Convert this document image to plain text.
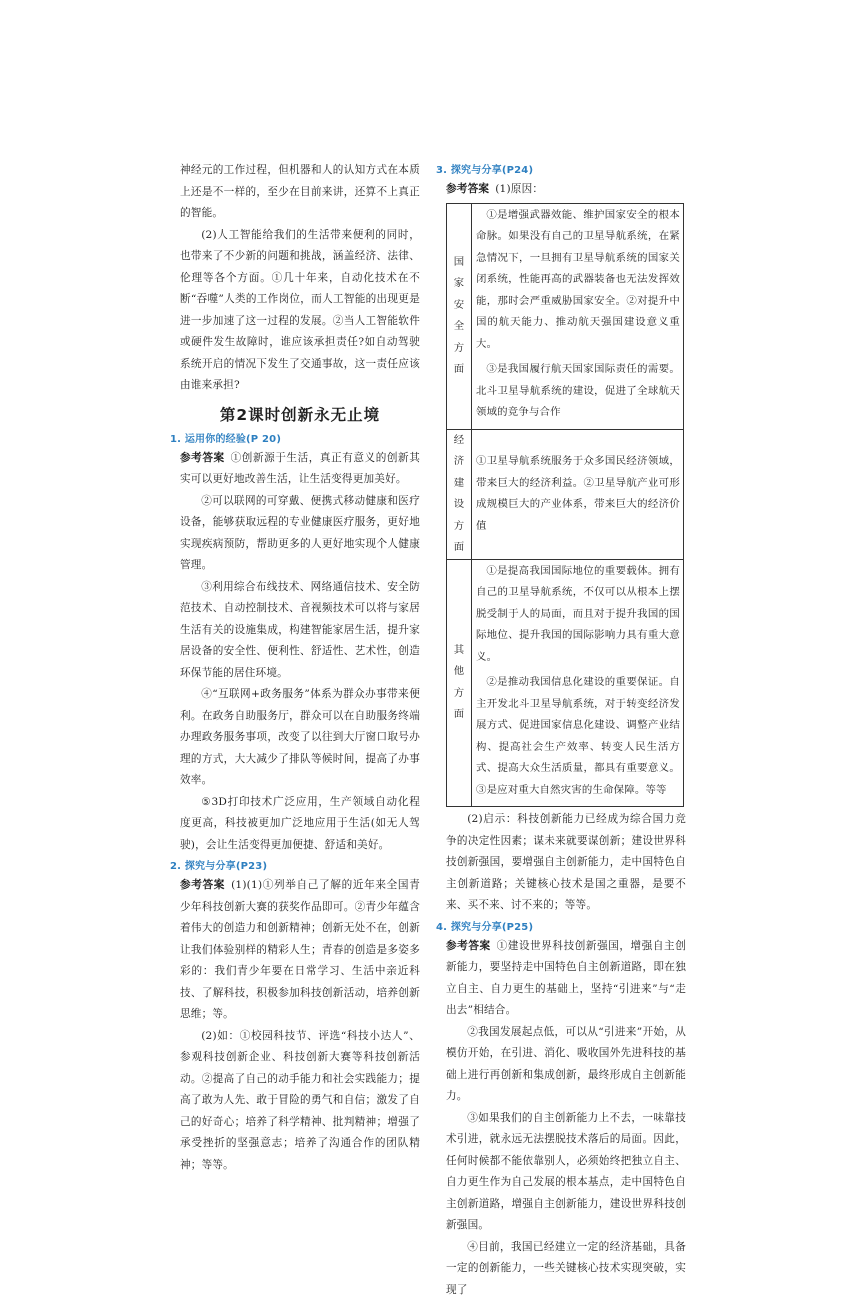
神经元的工作过程，但机器和人的认知方式在本质上还是不一样的，至少在目前来讲，还算不上真正的智能。

(2)人工智能给我们的生活带来便利的同时，也带来了不少新的问题和挑战，涵盖经济、法律、伦理等各个方面。①几十年来，自动化技术在不断“吞噬”人类的工作岗位，而人工智能的出现更是进一步加速了这一过程的发展。②当人工智能软件或硬件发生故障时，谁应该承担责任?如自动驾驶系统开启的情况下发生了交通事故，这一责任应该由谁来承担?

第2课时创新永无止境
1. 运用你的经验(P 20)

参考答案 ①创新源于生活，真正有意义的创新其实可以更好地改善生活，让生活变得更加美好。

②可以联网的可穿戴、便携式移动健康和医疗设备，能够获取远程的专业健康医疗服务，更好地实现疾病预防，帮助更多的人更好地实现个人健康管理。

③利用综合布线技术、网络通信技术、安全防范技术、自动控制技术、音视频技术可以将与家居生活有关的设施集成，构建智能家居生活，提升家居设备的安全性、便利性、舒适性、艺术性，创造环保节能的居住环境。

④“互联网+政务服务”体系为群众办事带来便利。在政务自助服务厅，群众可以在自助服务终端办理政务服务事项，改变了以往到大厅窗口取号办理的方式，大大减少了排队等候时间，提高了办事效率。

⑤3D打印技术广泛应用，生产领域自动化程度更高，科技被更加广泛地应用于生活(如无人驾驶)，会让生活变得更加便捷、舒适和美好。

2. 探究与分享(P23)

参考答案 (1)(1)①列举自己了解的近年来全国青少年科技创新大赛的获奖作品即可。②青少年蕴含着伟大的创造力和创新精神；创新无处不在，创新让我们体验别样的精彩人生；青春的创造是多姿多彩的：我们青少年要在日常学习、生活中亲近科技、了解科技，积极参加科技创新活动，培养创新思维；等。

(2)如：①校园科技节、评选“科技小达人”、参观科技创新企业、科技创新大赛等科技创新活动。②提高了自己的动手能力和社会实践能力；提高了敢为人先、敢于冒险的勇气和自信；激发了自己的好奇心；培养了科学精神、批判精神；增强了承受挫折的坚强意志；培养了沟通合作的团队精神；等等。

3. 探究与分享(P24)

参考答案 (1)原因：

国家安全方面	①是增强武器效能、维护国家安全的根本命脉。如果没有自己的卫星导航系统，在紧急情况下，一旦拥有卫星导航系统的国家关闭系统，性能再高的武器装备也无法发挥效能，那时会严重威胁国家安全。②对提升中国的航天能力、推动航天强国建设意义重大。

③是我国履行航天国家国际责任的需要。北斗卫星导航系统的建设，促进了全球航天领域的竞争与合作

经济建设方面	①卫星导航系统服务于众多国民经济领域，带来巨大的经济利益。②卫星导航产业可形成规模巨大的产业体系，带来巨大的经济价值

其他方面	①是提高我国国际地位的重要载体。拥有自己的卫星导航系统，不仅可以从根本上摆脱受制于人的局面，而且对于提升我国的国际地位、提升我国的国际影响力具有重大意义。

②是推动我国信息化建设的重要保证。自主开发北斗卫星导航系统，对于转变经济发展方式、促进国家信息化建设、调整产业结构、提高社会生产效率、转变人民生活方式、提高大众生活质量，都具有重要意义。③是应对重大自然灾害的生命保障。等等

(2)启示：科技创新能力已经成为综合国力竞争的决定性因素；谋未来就要谋创新；建设世界科技创新强国，要增强自主创新能力，走中国特色自主创新道路；关键核心技术是国之重器，是要不来、买不来、讨不来的；等等。

4. 探究与分享(P25)

参考答案 ①建设世界科技创新强国，增强自主创新能力，要坚持走中国特色自主创新道路，即在独立自主、自力更生的基础上，坚持“引进来”与“走出去”相结合。

②我国发展起点低，可以从“引进来”开始，从模仿开始，在引进、消化、吸收国外先进科技的基础上进行再创新和集成创新，最终形成自主创新能力。

③如果我们的自主创新能力上不去，一味靠技术引进，就永远无法摆脱技术落后的局面。因此，任何时候都不能依靠别人，必须始终把独立自主、自力更生作为自己发展的根本基点，走中国特色自主创新道路，增强自主创新能力，建设世界科技创新强国。

④目前，我国已经建立一定的经济基础，具备一定的创新能力，一些关键核心技术实现突破，实现了
